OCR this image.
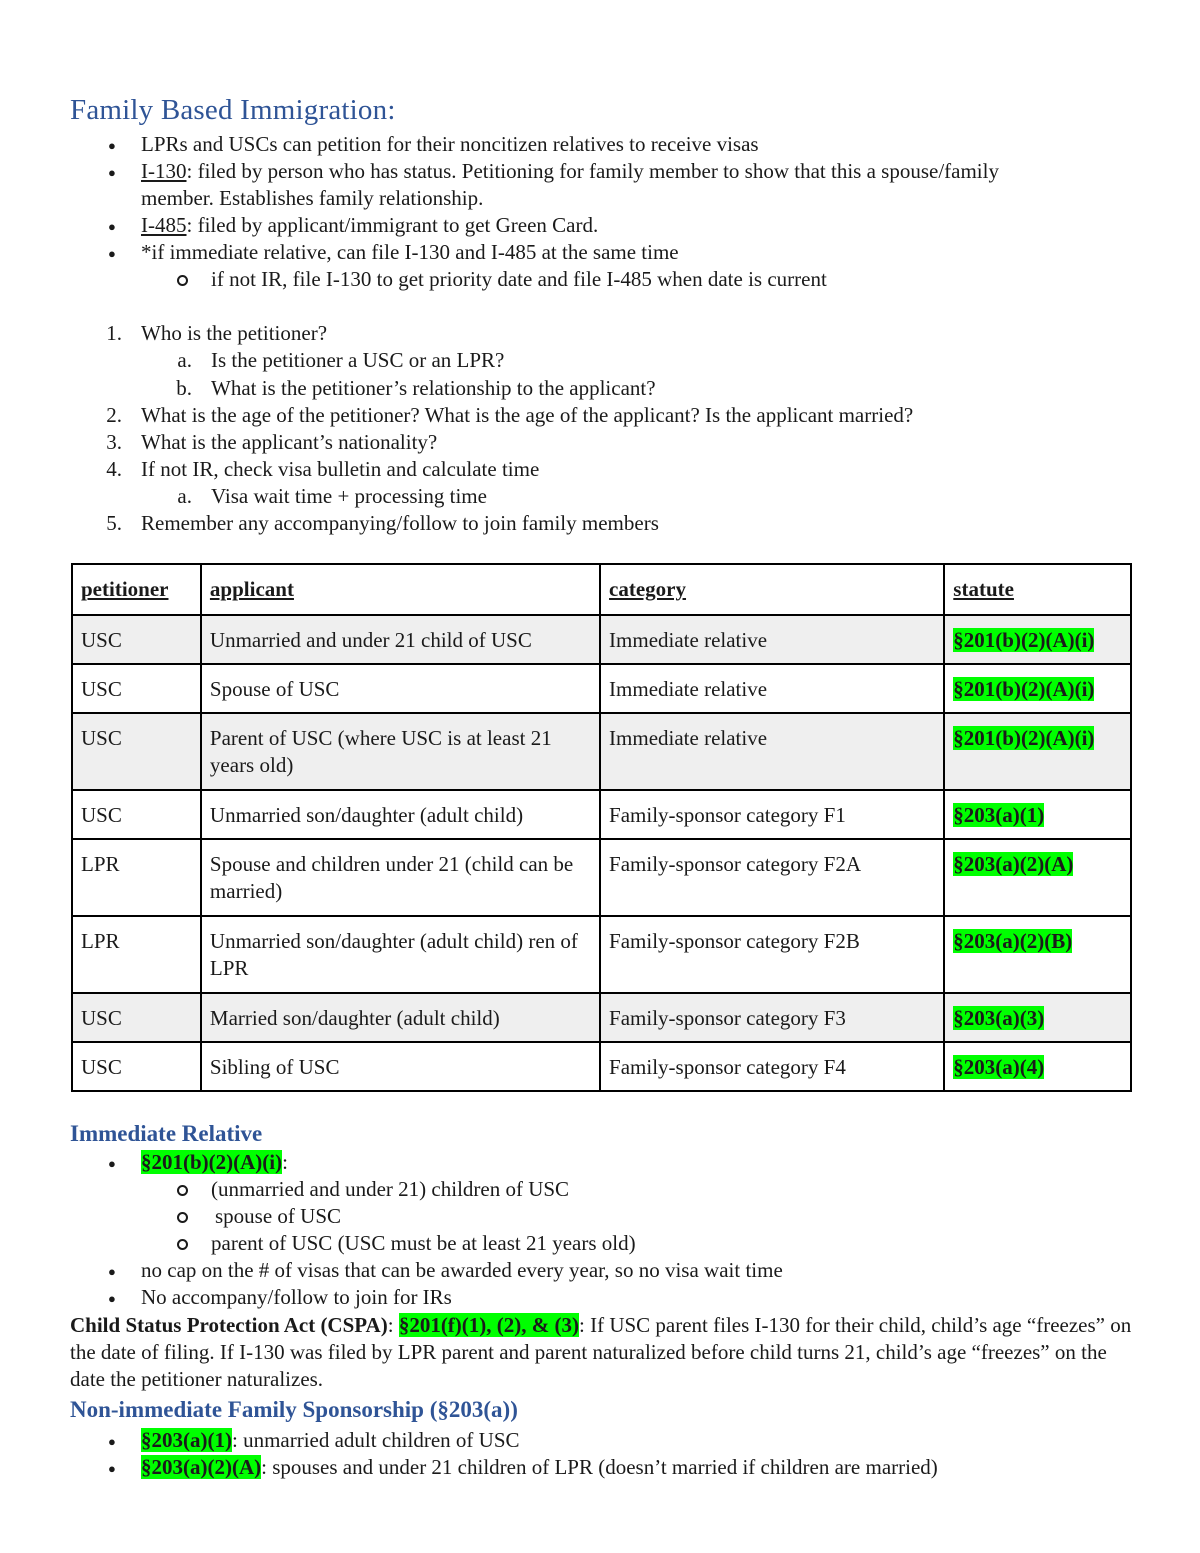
Family Based Immigration:
● LPRs and USCs can petition for their noncitizen relatives to receive visas
● I-130: filed by person who has status. Petitioning for family member to show that this a spouse/family
member. Establishes family relationship.
● I-485: filed by applicant/immigrant to get Green Card.
● *if immediate relative, can file I-130 and I-485 at the same time
if not IR, file I-130 to get priority date and file I-485 when date is current
1. Who is the petitioner?
a. Is the petitioner a USC or an LPR?
b. What is the petitioner’s relationship to the applicant?
2. What is the age of the petitioner? What is the age of the applicant? Is the applicant married?
3. What is the applicant’s nationality?
4. If not IR, check visa bulletin and calculate time
a. Visa wait time + processing time
5. Remember any accompanying/follow to join family members
petitioner	applicant	category	statute
USC	Unmarried and under 21 child of USC	Immediate relative	§201(b)(2)(A)(i)
USC	Spouse of USC	Immediate relative	§201(b)(2)(A)(i)
USC	Parent of USC (where USC is at least 21 years old)	Immediate relative	§201(b)(2)(A)(i)
USC	Unmarried son/daughter (adult child)	Family-sponsor category F1	§203(a)(1)
LPR	Spouse and children under 21 (child can be married)	Family-sponsor category F2A	§203(a)(2)(A)
LPR	Unmarried son/daughter (adult child) ren of LPR	Family-sponsor category F2B	§203(a)(2)(B)
USC	Married son/daughter (adult child)	Family-sponsor category F3	§203(a)(3)
USC	Sibling of USC	Family-sponsor category F4	§203(a)(4)
Immediate Relative
● §201(b)(2)(A)(i):
(unmarried and under 21) children of USC
spouse of USC
parent of USC (USC must be at least 21 years old)
● no cap on the # of visas that can be awarded every year, so no visa wait time
● No accompany/follow to join for IRs
Child Status Protection Act (CSPA): §201(f)(1), (2), & (3): If USC parent files I-130 for their child, child’s age “freezes” on the date of filing. If I-130 was filed by LPR parent and parent naturalized before child turns 21, child’s age “freezes” on the date the petitioner naturalizes.
Non-immediate Family Sponsorship (§203(a))
● §203(a)(1): unmarried adult children of USC
● §203(a)(2)(A): spouses and under 21 children of LPR (doesn’t married if children are married)
